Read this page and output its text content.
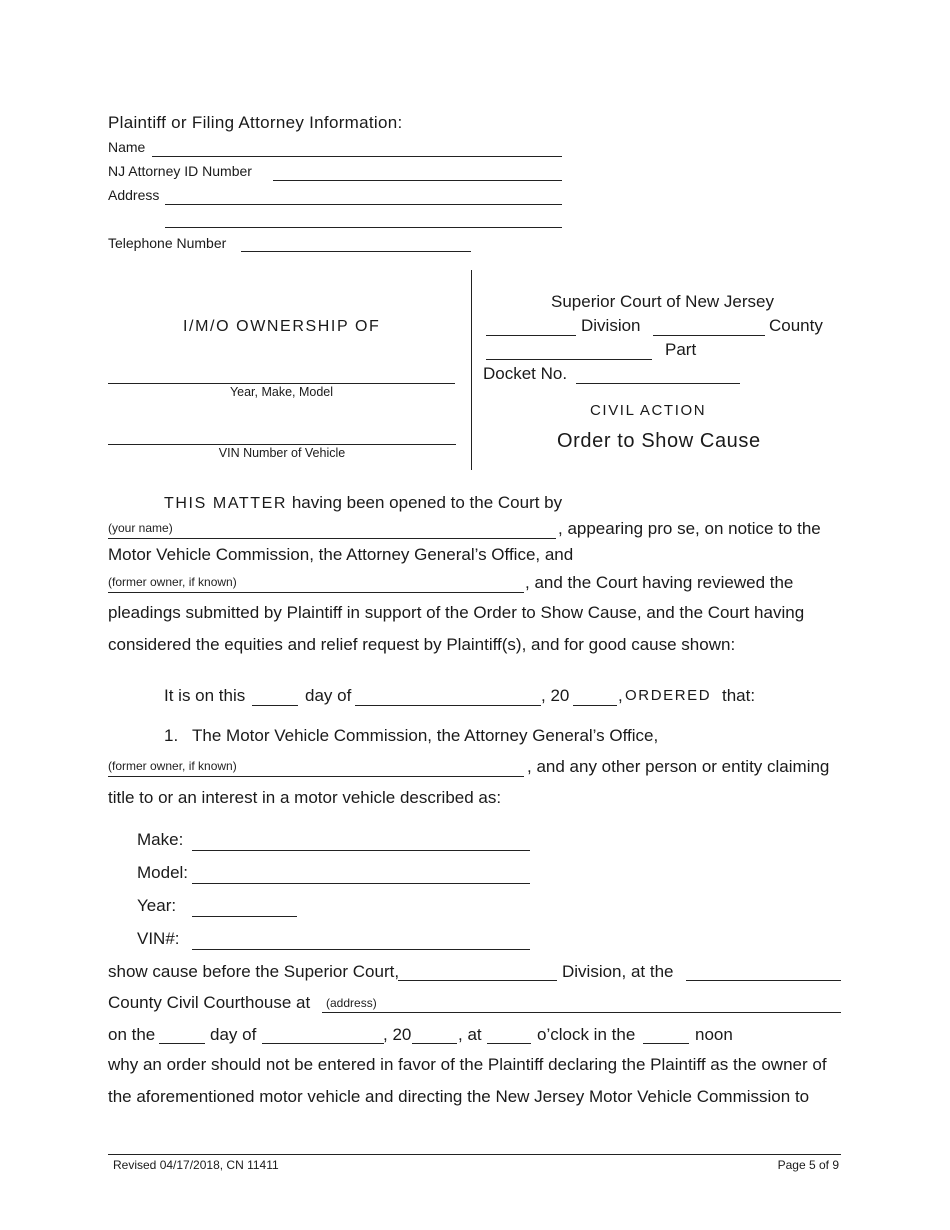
Plaintiff or Filing Attorney Information:
Name
NJ Attorney ID Number
Address
Telephone Number
I/M/O OWNERSHIP OF
Year, Make, Model
VIN Number of Vehicle
Superior Court of New Jersey
Division	County
Part
Docket No.
CIVIL ACTION
Order to Show Cause
THIS MATTER having been opened to the Court by
(your name)	, appearing pro se, on notice to the
Motor Vehicle Commission, the Attorney General’s Office, and
(former owner, if known)	, and the Court having reviewed the
pleadings submitted by Plaintiff in support of the Order to Show Cause, and the Court having
considered the equities and relief request by Plaintiff(s), and for good cause shown:
It is on this	day of	, 20	, ORDERED that:
1.   The Motor Vehicle Commission, the Attorney General’s Office,
(former owner, if known)	, and any other person or entity claiming
title to or an interest in a motor vehicle described as:
Make:
Model:
Year:
VIN#:
show cause before the Superior Court,	Division, at the
County Civil Courthouse at (address)
on the	day of	, 20	, at	o’clock in the	noon
why an order should not be entered in favor of the Plaintiff declaring the Plaintiff as the owner of
the aforementioned motor vehicle and directing the New Jersey Motor Vehicle Commission to
Revised 04/17/2018, CN 11411	Page 5 of 9
